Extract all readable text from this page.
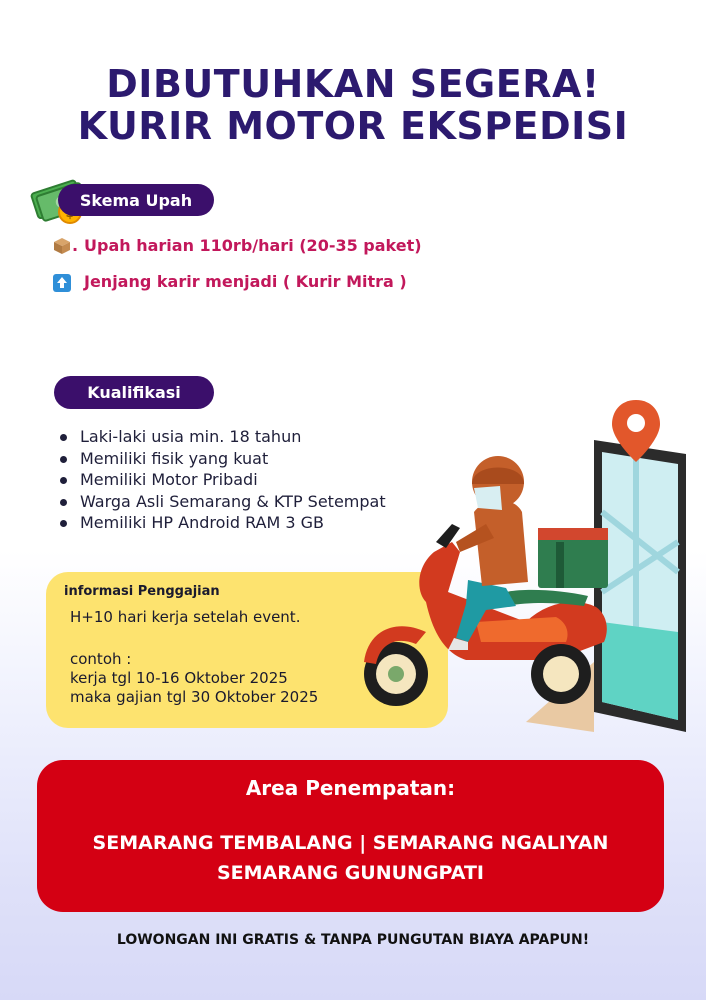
DIBUTUHKAN SEGERA!
KURIR MOTOR EKSPEDISI
Skema Upah
. Upah harian 110rb/hari (20-35 paket)
Jenjang karir menjadi ( Kurir Mitra )
Kualifikasi
Laki-laki usia min. 18 tahun
Memiliki fisik yang kuat
Memiliki Motor Pribadi
Warga Asli Semarang & KTP Setempat
Memiliki HP Android RAM 3 GB
informasi Penggajian
H+10 hari kerja setelah event.
contoh :
kerja tgl 10-16 Oktober 2025
maka gajian tgl 30 Oktober 2025
Area Penempatan:
SEMARANG TEMBALANG | SEMARANG NGALIYAN
SEMARANG GUNUNGPATI
LOWONGAN INI GRATIS & TANPA PUNGUTAN BIAYA APAPUN!
